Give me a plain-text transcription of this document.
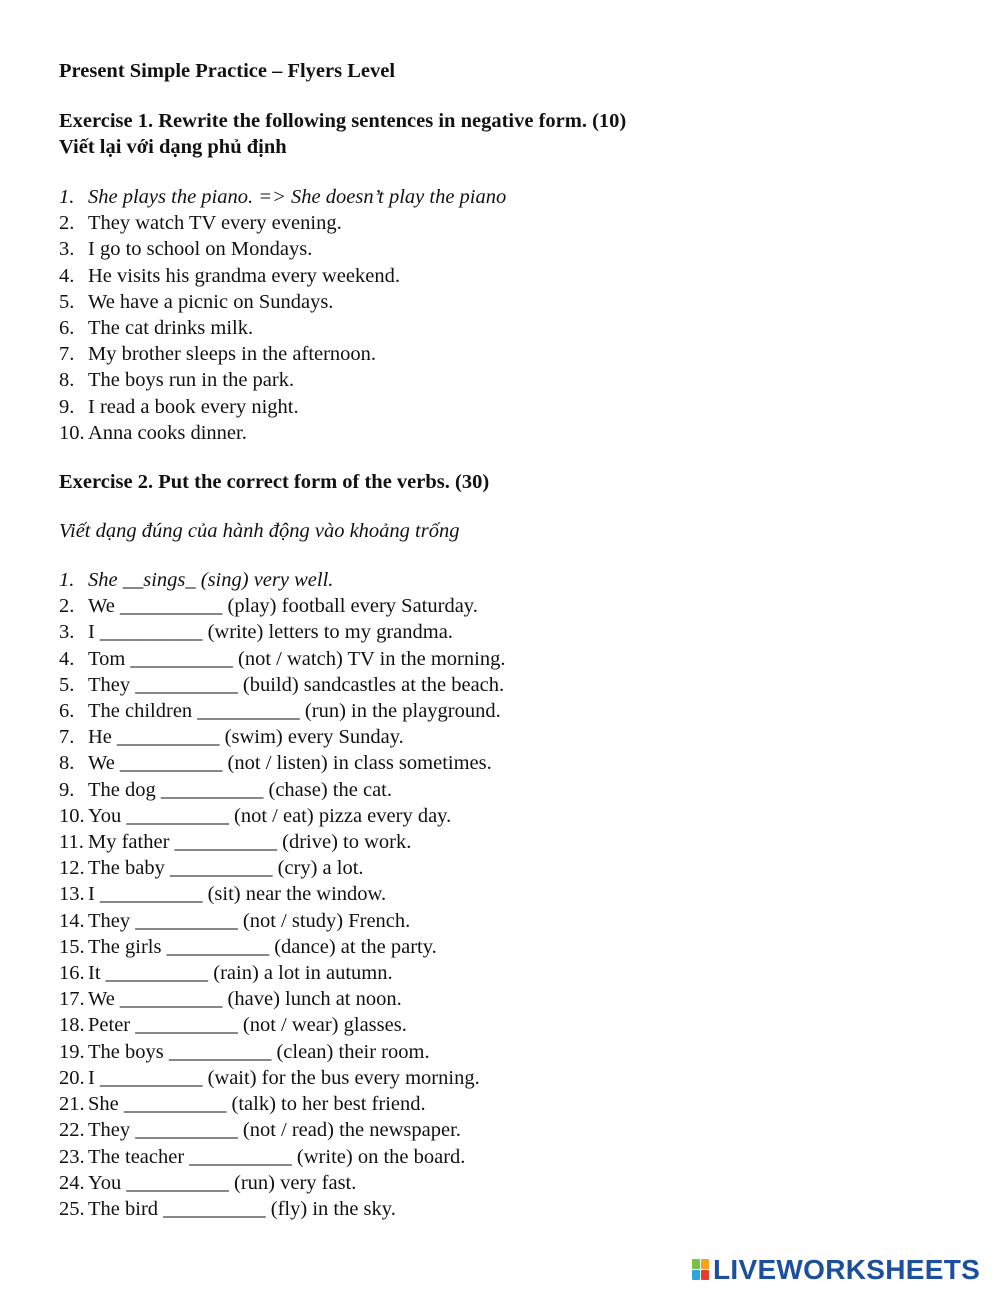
Present Simple Practice – Flyers Level

Exercise 1. Rewrite the following sentences in negative form. (10)

Viết lại với dạng phủ định

1. She plays the piano. => She doesn’t play the piano
2. They watch TV every evening.
3. I go to school on Mondays.
4. He visits his grandma every weekend.
5. We have a picnic on Sundays.
6. The cat drinks milk.
7. My brother sleeps in the afternoon.
8. The boys run in the park.
9. I read a book every night.
10. Anna cooks dinner.

Exercise 2. Put the correct form of the verbs. (30)

Viết dạng đúng của hành động vào khoảng trống

1. She __sings_ (sing) very well.
2. We __________ (play) football every Saturday.
3. I __________ (write) letters to my grandma.
4. Tom __________ (not / watch) TV in the morning.
5. They __________ (build) sandcastles at the beach.
6. The children __________ (run) in the playground.
7. He __________ (swim) every Sunday.
8. We __________ (not / listen) in class sometimes.
9. The dog __________ (chase) the cat.
10. You __________ (not / eat) pizza every day.
11. My father __________ (drive) to work.
12. The baby __________ (cry) a lot.
13. I __________ (sit) near the window.
14. They __________ (not / study) French.
15. The girls __________ (dance) at the party.
16. It __________ (rain) a lot in autumn.
17. We __________ (have) lunch at noon.
18. Peter __________ (not / wear) glasses.
19. The boys __________ (clean) their room.
20. I __________ (wait) for the bus every morning.
21. She __________ (talk) to her best friend.
22. They __________ (not / read) the newspaper.
23. The teacher __________ (write) on the board.
24. You __________ (run) very fast.
25. The bird __________ (fly) in the sky.
LIVEWORKSHEETS
